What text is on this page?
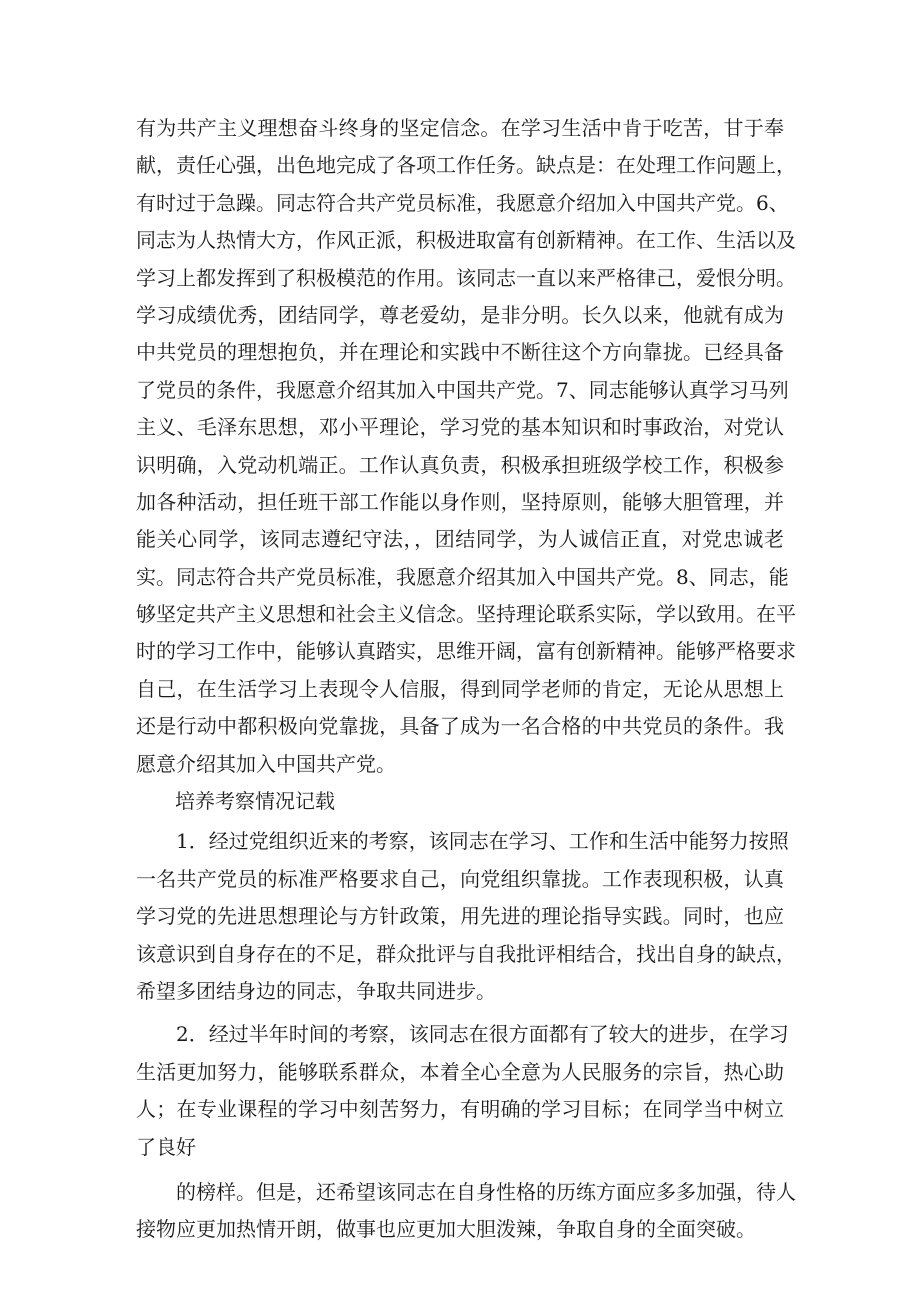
有为共产主义理想奋斗终身的坚定信念。在学习生活中肯于吃苦，甘于奉
献，责任心强，出色地完成了各项工作任务。缺点是：在处理工作问题上，
有时过于急躁。同志符合共产党员标准，我愿意介绍加入中国共产党。6、
同志为人热情大方，作风正派，积极进取富有创新精神。在工作、生活以及
学习上都发挥到了积极模范的作用。该同志一直以来严格律己，爱恨分明。
学习成绩优秀，团结同学，尊老爱幼，是非分明。长久以来，他就有成为
中共党员的理想抱负，并在理论和实践中不断往这个方向靠拢。已经具备
了党员的条件，我愿意介绍其加入中国共产党。7、同志能够认真学习马列
主义、毛泽东思想，邓小平理论，学习党的基本知识和时事政治，对党认
识明确，入党动机端正。工作认真负责，积极承担班级学校工作，积极参
加各种活动，担任班干部工作能以身作则，坚持原则，能够大胆管理，并
能关心同学，该同志遵纪守法，，团结同学，为人诚信正直，对党忠诚老
实。同志符合共产党员标准，我愿意介绍其加入中国共产党。8、同志，能
够坚定共产主义思想和社会主义信念。坚持理论联系实际，学以致用。在平
时的学习工作中，能够认真踏实，思维开阔，富有创新精神。能够严格要求
自己，在生活学习上表现令人信服，得到同学老师的肯定，无论从思想上
还是行动中都积极向党靠拢，具备了成为一名合格的中共党员的条件。我
愿意介绍其加入中国共产党。
培养考察情况记载
1．经过党组织近来的考察，该同志在学习、工作和生活中能努力按照
一名共产党员的标准严格要求自己，向党组织靠拢。工作表现积极，认真
学习党的先进思想理论与方针政策，用先进的理论指导实践。同时，也应
该意识到自身存在的不足，群众批评与自我批评相结合，找出自身的缺点，
希望多团结身边的同志，争取共同进步。
2．经过半年时间的考察，该同志在很方面都有了较大的进步，在学习
生活更加努力，能够联系群众，本着全心全意为人民服务的宗旨，热心助
人；在专业课程的学习中刻苦努力，有明确的学习目标；在同学当中树立
了良好
的榜样。但是，还希望该同志在自身性格的历练方面应多多加强，待人
接物应更加热情开朗，做事也应更加大胆泼辣，争取自身的全面突破。
